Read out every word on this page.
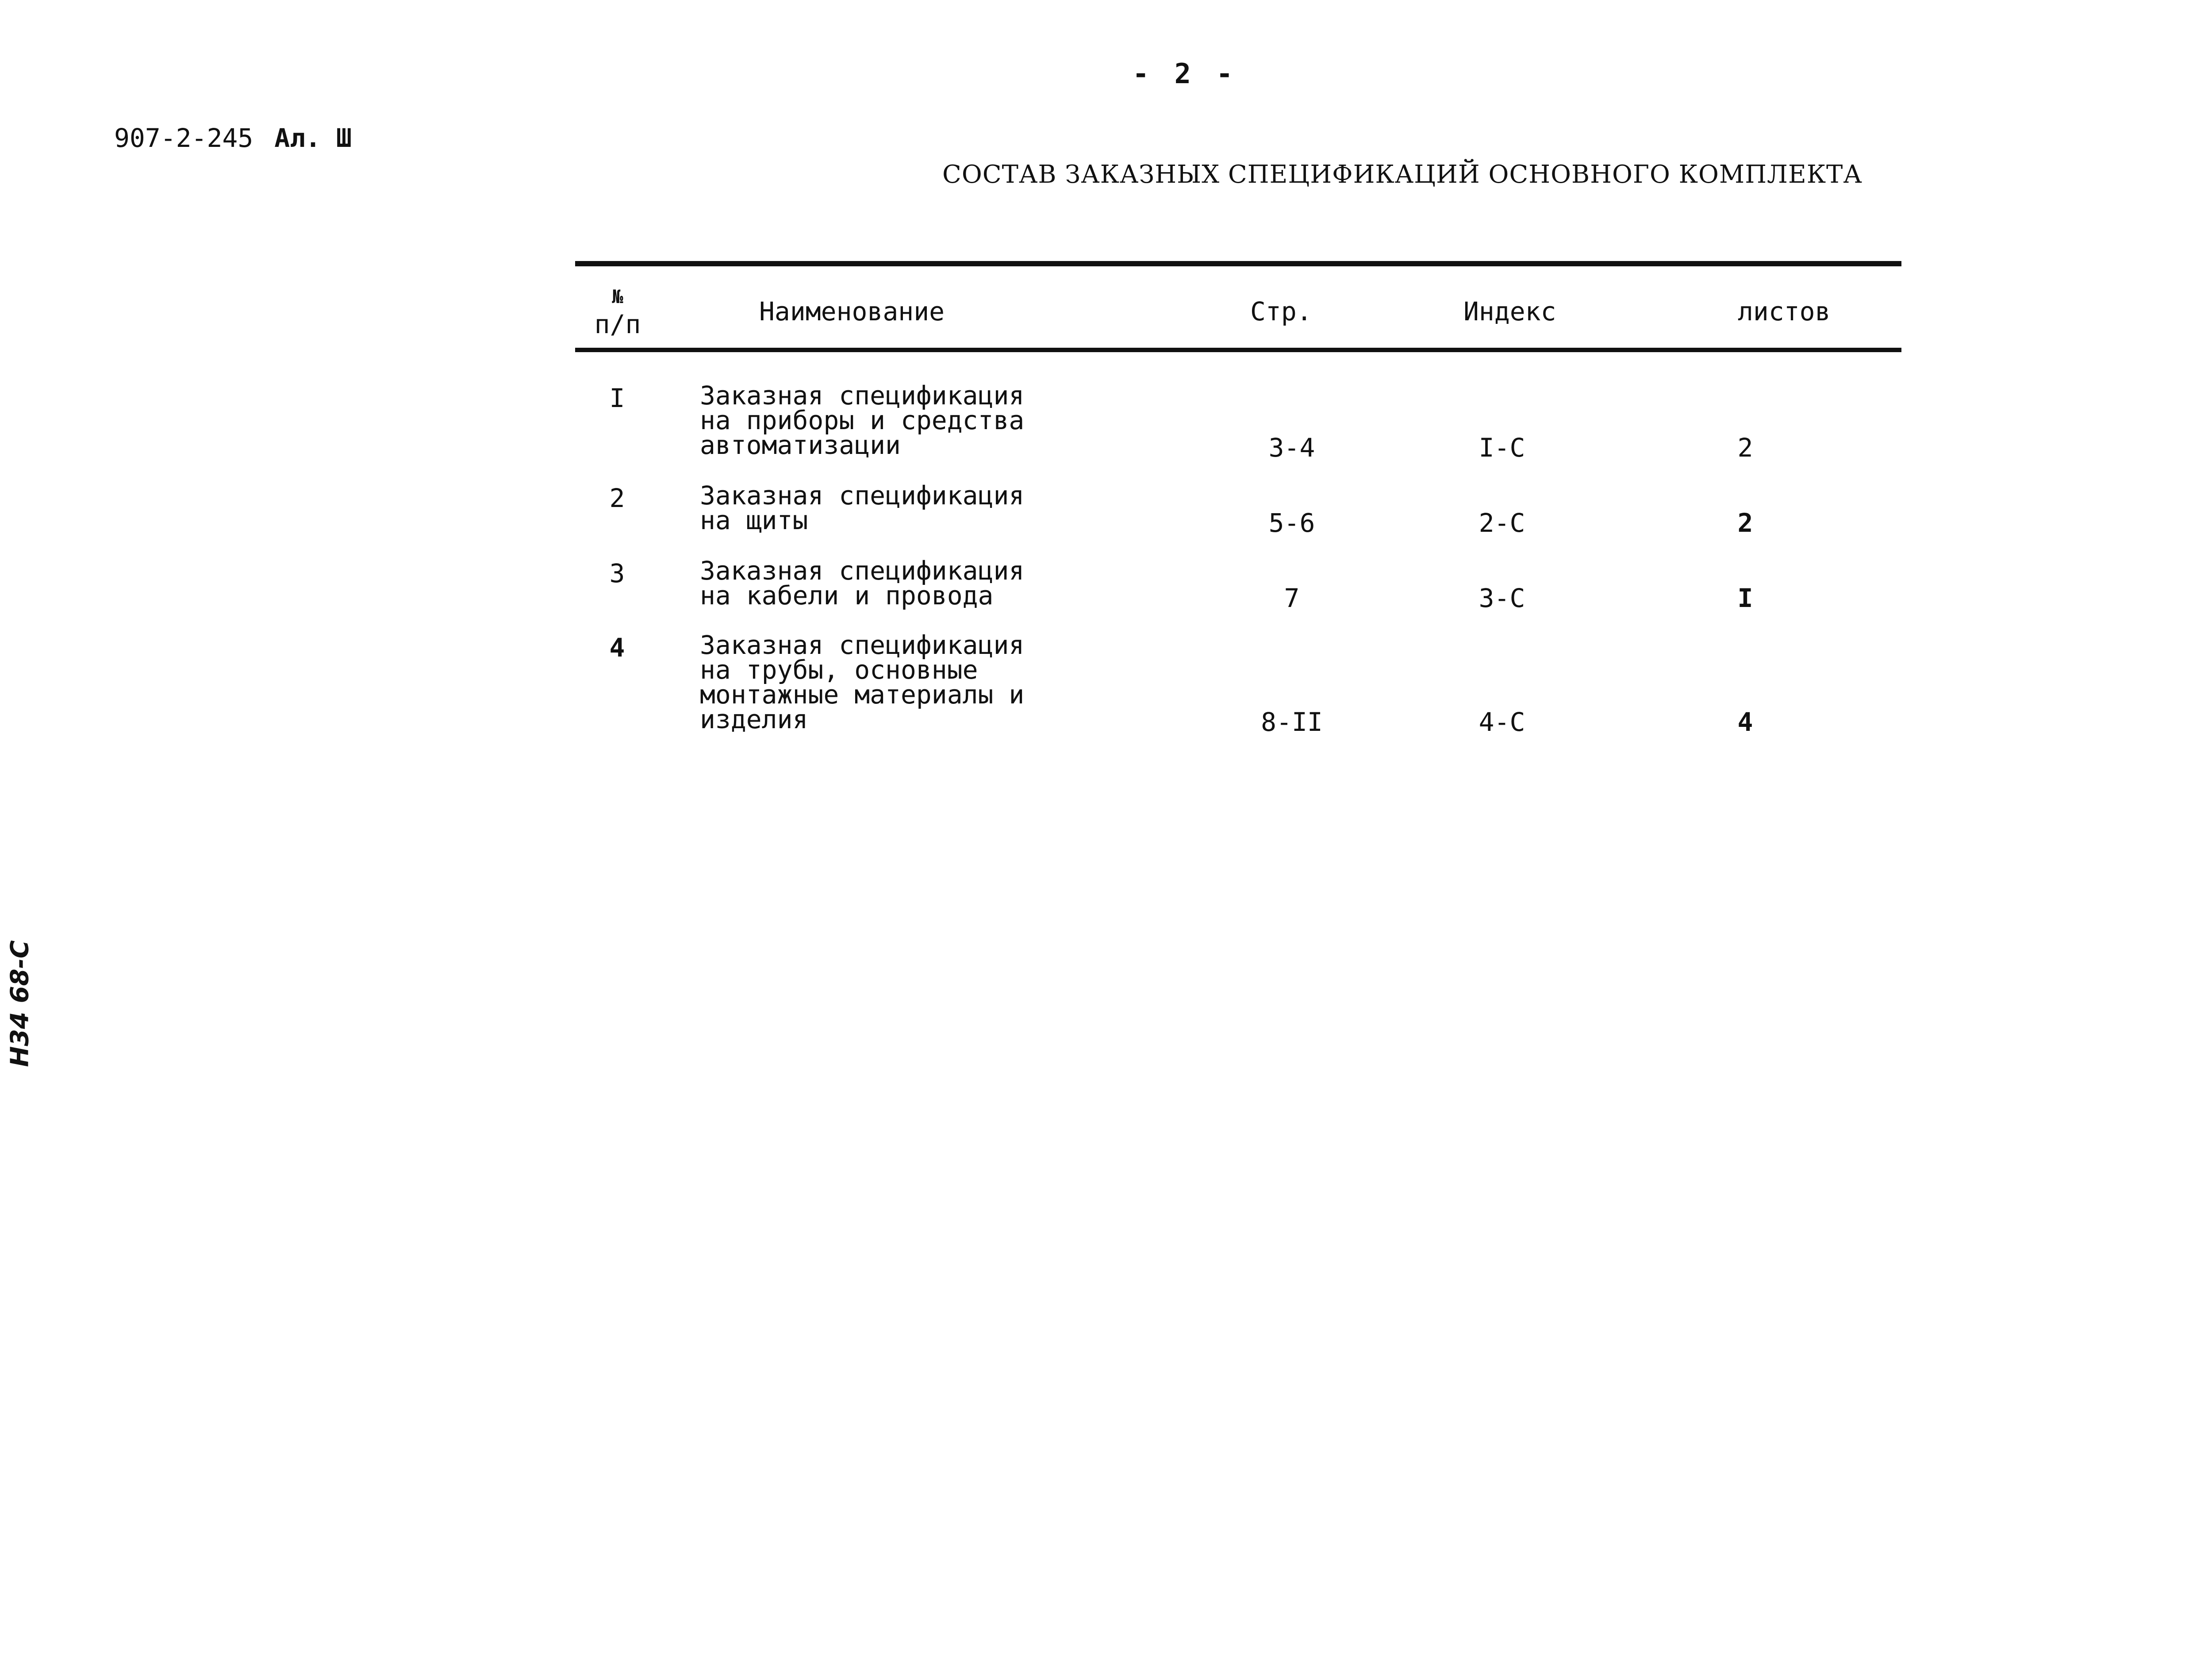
- 2 -
907-2-245 Ал. Ш
СОСТАВ ЗАКАЗНЫХ СПЕЦИФИКАЦИЙ ОСНОВНОГО КОМПЛЕКТА
№
п/п	Наименование	Стр.	Индекс	листов
I	Заказная спецификация
на приборы и средства
автоматизации	3-4	I-С	2
2	Заказная спецификация
на щиты	5-6	2-С	2
3	Заказная спецификация
на кабели и провода	7	3-С	I
4	Заказная спецификация
на трубы, основные
монтажные материалы и
изделия	8-II	4-С	4
Н34 68-С
